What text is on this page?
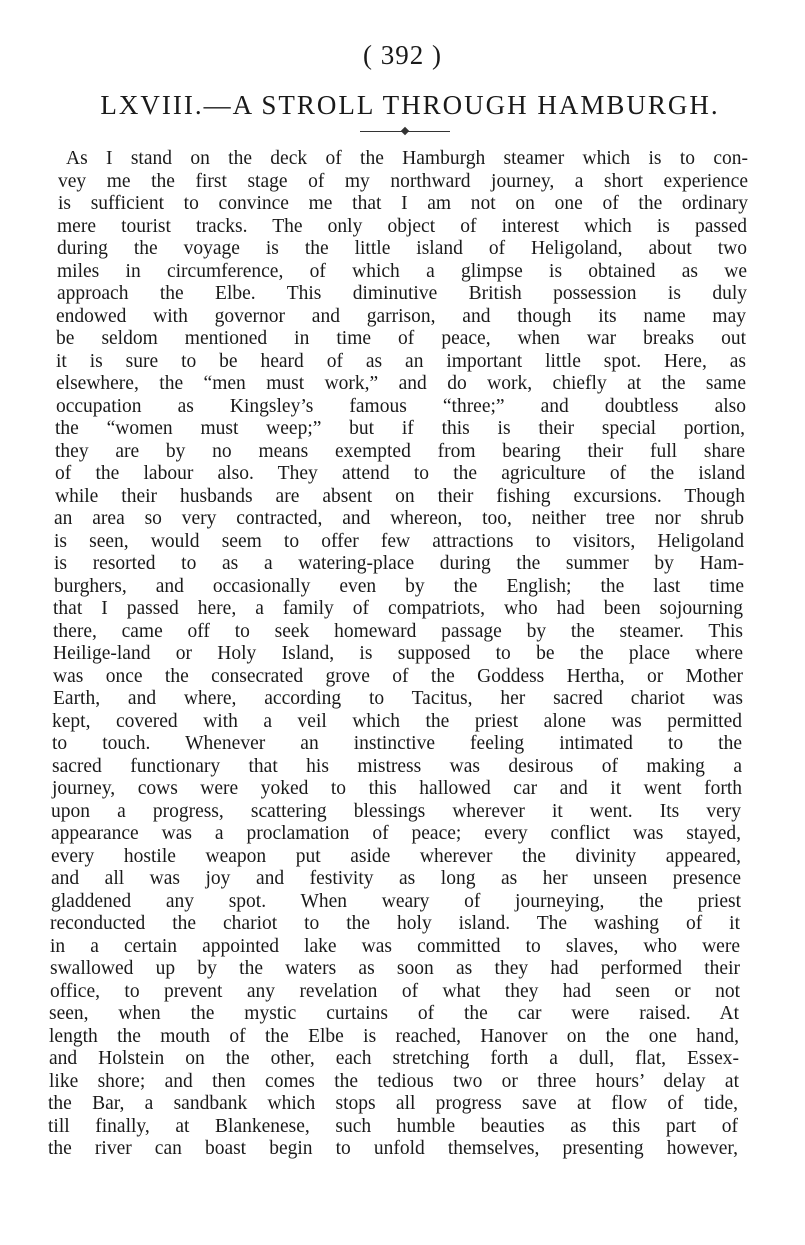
( 392 )
LXVIII.—A STROLL THROUGH HAMBURGH.
As I stand on the deck of the Hamburgh steamer which is to con-
vey me the first stage of my northward journey, a short experience
is sufficient to convince me that I am not on one of the ordinary
mere tourist tracks. The only object of interest which is passed
during the voyage is the little island of Heligoland, about two
miles in circumference, of which a glimpse is obtained as we
approach the Elbe. This diminutive British possession is duly
endowed with governor and garrison, and though its name may
be seldom mentioned in time of peace, when war breaks out
it is sure to be heard of as an important little spot. Here, as
elsewhere, the “men must work,” and do work, chiefly at the same
occupation as Kingsley’s famous “three;” and doubtless also
the “women must weep;” but if this is their special portion,
they are by no means exempted from bearing their full share
of the labour also. They attend to the agriculture of the island
while their husbands are absent on their fishing excursions. Though
an area so very contracted, and whereon, too, neither tree nor shrub
is seen, would seem to offer few attractions to visitors, Heligoland
is resorted to as a watering-place during the summer by Ham-
burghers, and occasionally even by the English; the last time
that I passed here, a family of compatriots, who had been sojourning
there, came off to seek homeward passage by the steamer. This
Heilige-land or Holy Island, is supposed to be the place where
was once the consecrated grove of the Goddess Hertha, or Mother
Earth, and where, according to Tacitus, her sacred chariot was
kept, covered with a veil which the priest alone was permitted
to touch. Whenever an instinctive feeling intimated to the
sacred functionary that his mistress was desirous of making a
journey, cows were yoked to this hallowed car and it went forth
upon a progress, scattering blessings wherever it went. Its very
appearance was a proclamation of peace; every conflict was stayed,
every hostile weapon put aside wherever the divinity appeared,
and all was joy and festivity as long as her unseen presence
gladdened any spot. When weary of journeying, the priest
reconducted the chariot to the holy island. The washing of it
in a certain appointed lake was committed to slaves, who were
swallowed up by the waters as soon as they had performed their
office, to prevent any revelation of what they had seen or not
seen, when the mystic curtains of the car were raised. At
length the mouth of the Elbe is reached, Hanover on the one hand,
and Holstein on the other, each stretching forth a dull, flat, Essex-
like shore; and then comes the tedious two or three hours’ delay at
the Bar, a sandbank which stops all progress save at flow of tide,
till finally, at Blankenese, such humble beauties as this part of
the river can boast begin to unfold themselves, presenting however,
